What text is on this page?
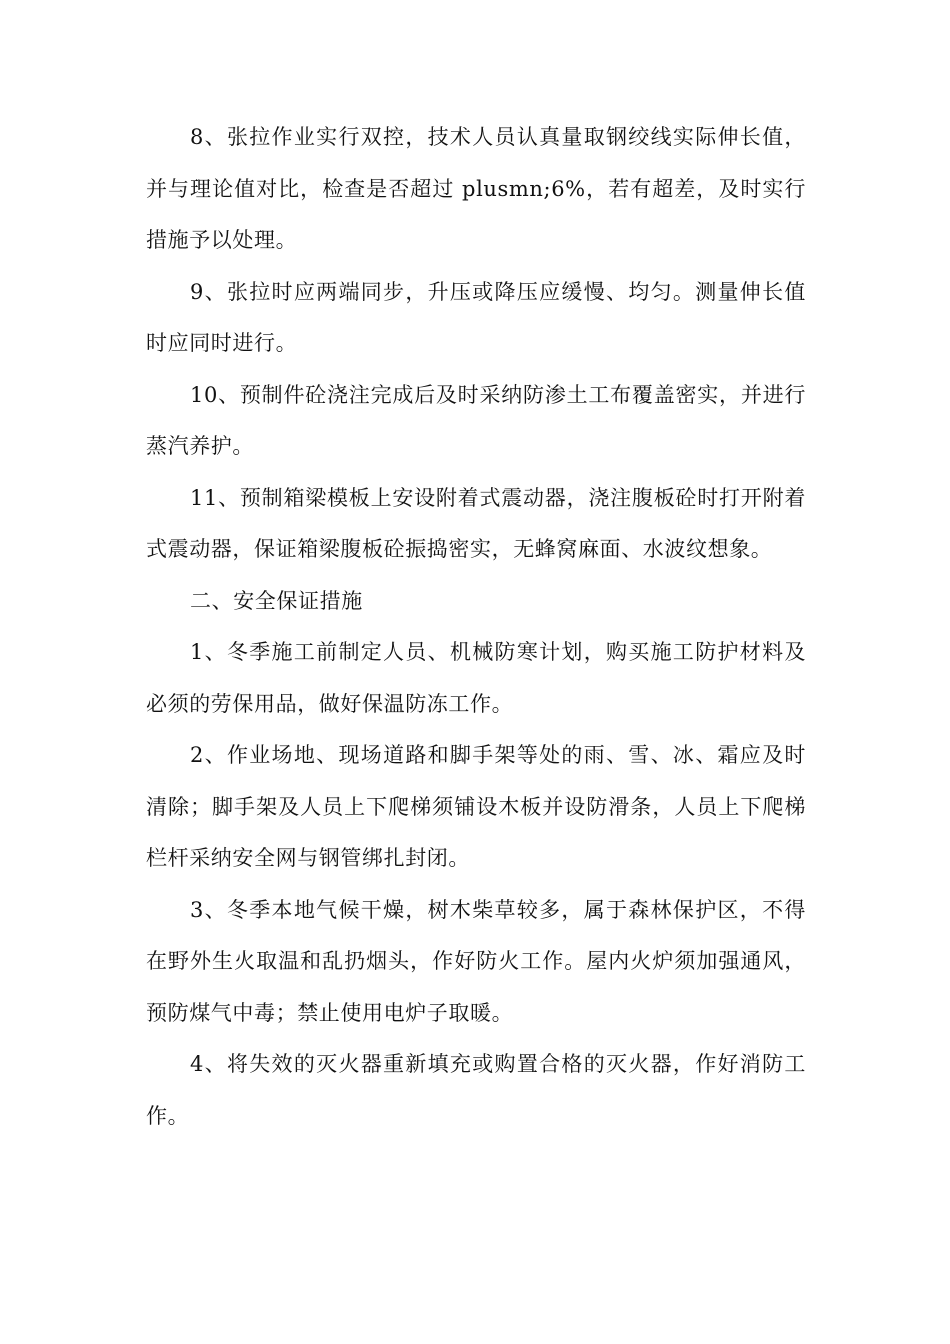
8、张拉作业实行双控，技术人员认真量取钢绞线实际伸长值，并与理论值对比，检查是否超过 plusmn;6%，若有超差，及时实行措施予以处理。

9、张拉时应两端同步，升压或降压应缓慢、均匀。测量伸长值时应同时进行。

10、预制件砼浇注完成后及时采纳防渗土工布覆盖密实，并进行蒸汽养护。

11、预制箱梁模板上安设附着式震动器，浇注腹板砼时打开附着式震动器，保证箱梁腹板砼振捣密实，无蜂窝麻面、水波纹想象。

二、安全保证措施

1、冬季施工前制定人员、机械防寒计划，购买施工防护材料及必须的劳保用品，做好保温防冻工作。

2、作业场地、现场道路和脚手架等处的雨、雪、冰、霜应及时清除；脚手架及人员上下爬梯须铺设木板并设防滑条，人员上下爬梯栏杆采纳安全网与钢管绑扎封闭。

3、冬季本地气候干燥，树木柴草较多，属于森林保护区，不得在野外生火取温和乱扔烟头，作好防火工作。屋内火炉须加强通风，预防煤气中毒；禁止使用电炉子取暖。

4、将失效的灭火器重新填充或购置合格的灭火器，作好消防工作。
